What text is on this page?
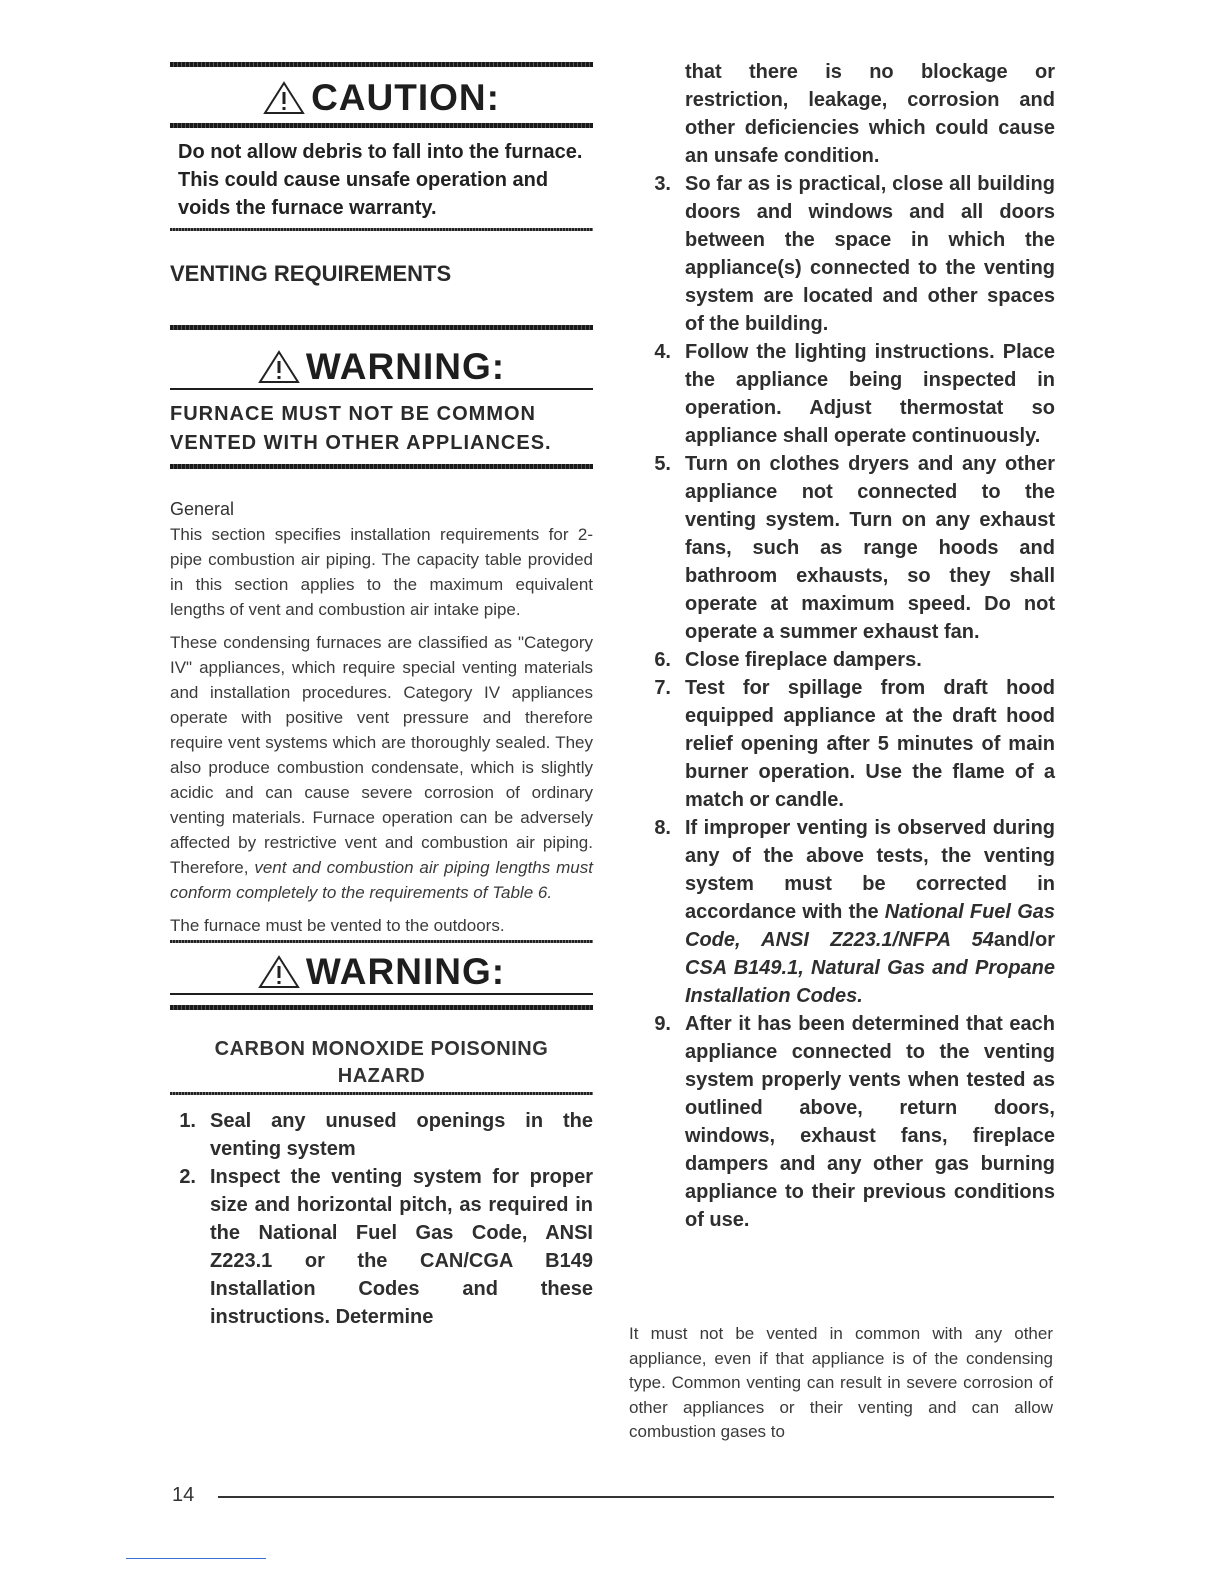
CAUTION:
Do not allow debris to fall into the furnace. This could cause unsafe operation and voids the furnace warranty.
VENTING REQUIREMENTS
WARNING:
FURNACE MUST NOT BE COMMON VENTED WITH OTHER APPLIANCES.
General

This section specifies installation requirements for 2-pipe combustion air piping. The capacity table provided in this section applies to the maximum equivalent lengths of vent and combustion air intake pipe.

These condensing furnaces are classified as "Category IV" appliances, which require special venting materials and installation procedures. Category IV appliances operate with positive vent pressure and therefore require vent systems which are thoroughly sealed. They also produce combustion condensate, which is slightly acidic and can cause severe corrosion of ordinary venting materials. Furnace operation can be adversely affected by restrictive vent and combustion air piping. Therefore, vent and combustion air piping lengths must conform completely to the requirements of Table 6.

The furnace must be vented to the outdoors.

WARNING:
CARBON MONOXIDE POISONING HAZARD
1. Seal any unused openings in the venting system
2. Inspect the venting system for proper size and horizontal pitch, as required in the National Fuel Gas Code, ANSI Z223.1 or the CAN/CGA B149 Installation Codes and these instructions. Determine
that there is no blockage or restriction, leakage, corrosion and other deficiencies which could cause an unsafe condition.
3. So far as is practical, close all building doors and windows and all doors between the space in which the appliance(s) connected to the venting system are located and other spaces of the building.
4. Follow the lighting instructions. Place the appliance being inspected in operation. Adjust thermostat so appliance shall operate continuously.
5. Turn on clothes dryers and any other appliance not connected to the venting system. Turn on any exhaust fans, such as range hoods and bathroom exhausts, so they shall operate at maximum speed. Do not operate a summer exhaust fan.
6. Close fireplace dampers.
7. Test for spillage from draft hood equipped appliance at the draft hood relief opening after 5 minutes of main burner operation. Use the flame of a match or candle.
8. If improper venting is observed during any of the above tests, the venting system must be corrected in accordance with the National Fuel Gas Code, ANSI Z223.1/NFPA 54and/or CSA B149.1, Natural Gas and Propane Installation Codes.
9. After it has been determined that each appliance connected to the venting system properly vents when tested as outlined above, return doors, windows, exhaust fans, fireplace dampers and any other gas burning appliance to their previous conditions of use.
It must not be vented in common with any other appliance, even if that appliance is of the condensing type. Common venting can result in severe corrosion of other appliances or their venting and can allow combustion gases to
14
